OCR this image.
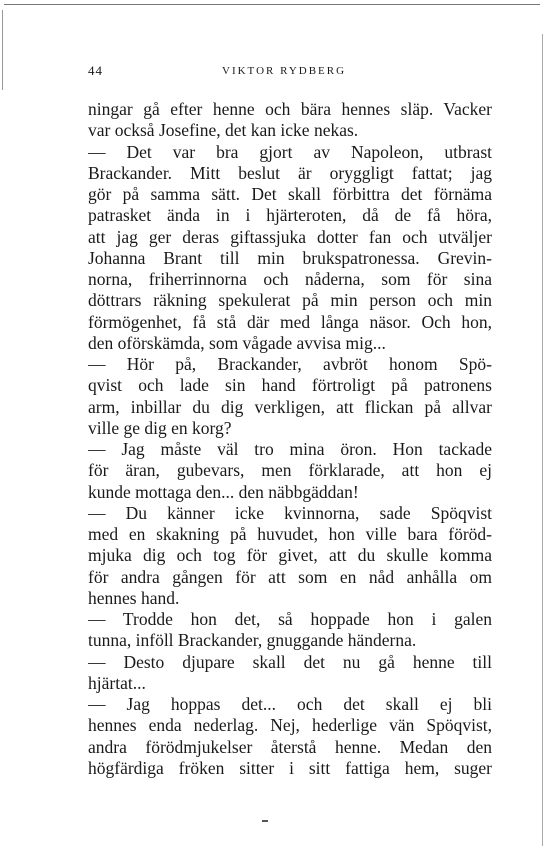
44	VIKTOR RYDBERG
ningar gå efter henne och bära hennes släp. Vacker
var också Josefine, det kan icke nekas.
— Det var bra gjort av Napoleon, utbrast
Brackander. Mitt beslut är oryggligt fattat; jag
gör på samma sätt. Det skall förbittra det förnäma
patrasket ända in i hjärteroten, då de få höra,
att jag ger deras giftassjuka dotter fan och utväljer
Johanna Brant till min brukspatronessa. Grevin-
norna, friherrinnorna och nåderna, som för sina
döttrars räkning spekulerat på min person och min
förmögenhet, få stå där med långa näsor. Och hon,
den oförskämda, som vågade avvisa mig...
— Hör på, Brackander, avbröt honom Spö-
qvist och lade sin hand förtroligt på patronens
arm, inbillar du dig verkligen, att flickan på allvar
ville ge dig en korg?
— Jag måste väl tro mina öron. Hon tackade
för äran, gubevars, men förklarade, att hon ej
kunde mottaga den... den näbbgäddan!
— Du känner icke kvinnorna, sade Spöqvist
med en skakning på huvudet, hon ville bara föröd-
mjuka dig och tog för givet, att du skulle komma
för andra gången för att som en nåd anhålla om
hennes hand.
— Trodde hon det, så hoppade hon i galen
tunna, inföll Brackander, gnuggande händerna.
— Desto djupare skall det nu gå henne till
hjärtat...
— Jag hoppas det... och det skall ej bli
hennes enda nederlag. Nej, hederlige vän Spöqvist,
andra förödmjukelser återstå henne. Medan den
högfärdiga fröken sitter i sitt fattiga hem, suger
